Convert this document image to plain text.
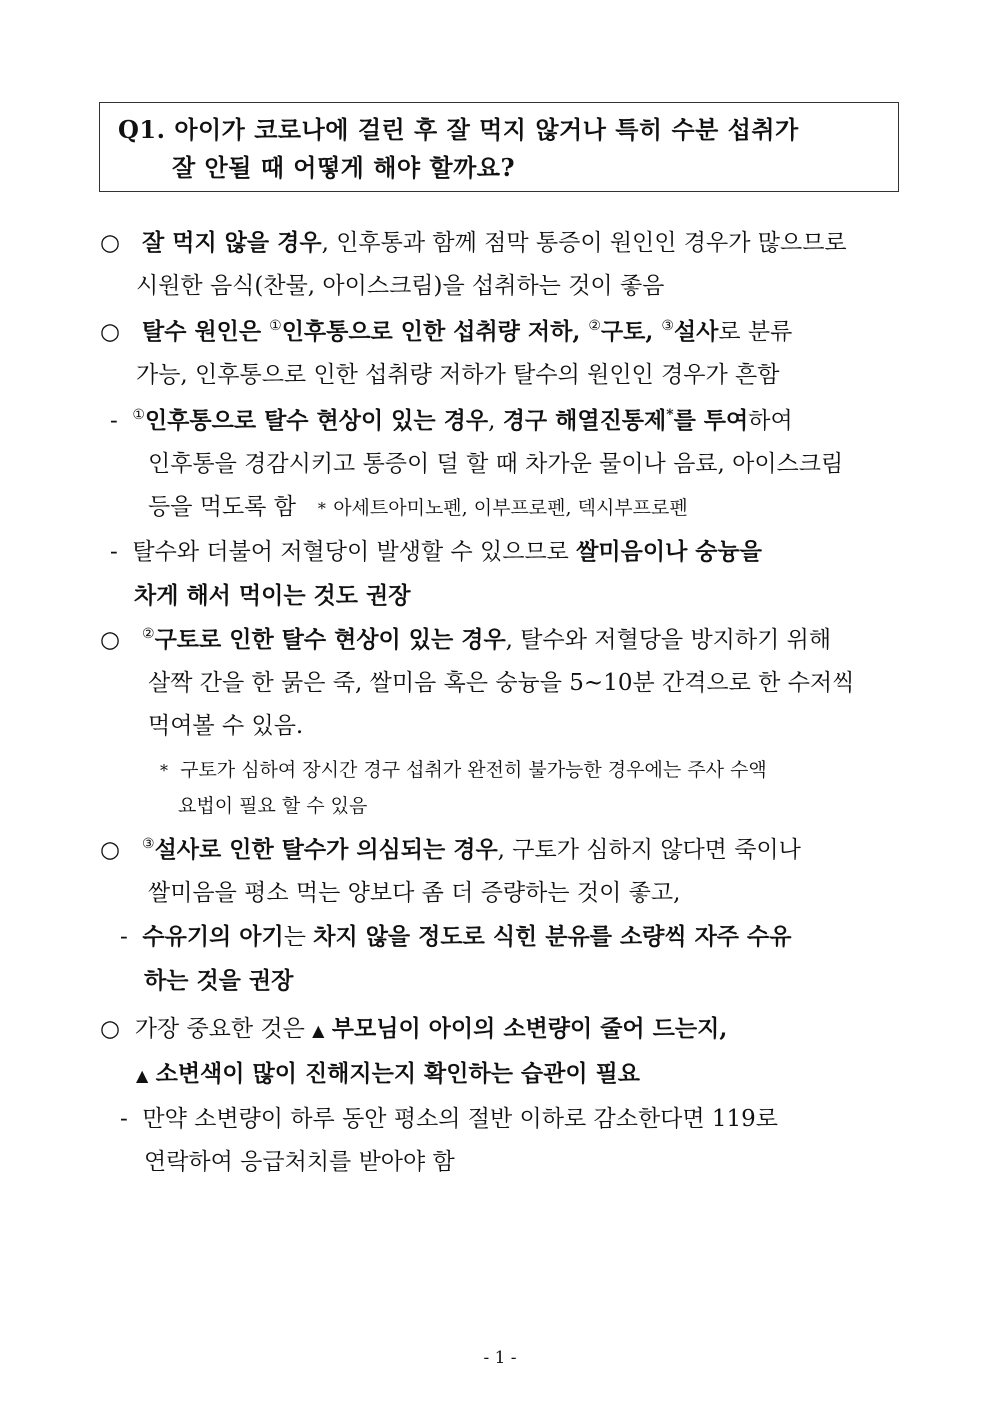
Q1. 아이가 코로나에 걸린 후 잘 먹지 않거나 특히 수분 섭취가
잘 안될 때 어떻게 해야 할까요?
○ 잘 먹지 않을 경우, 인후통과 함께 점막 통증이 원인인 경우가 많으므로
시원한 음식(찬물, 아이스크림)을 섭취하는 것이 좋음
○ 탈수 원인은 ①인후통으로 인한 섭취량 저하, ②구토, ③설사로 분류
가능, 인후통으로 인한 섭취량 저하가 탈수의 원인인 경우가 흔함
- ①인후통으로 탈수 현상이 있는 경우, 경구 해열진통제*를 투여하여
인후통을 경감시키고 통증이 덜 할 때 차가운 물이나 음료, 아이스크림
등을 먹도록 함 * 아세트아미노펜, 이부프로펜, 덱시부프로펜
- 탈수와 더불어 저혈당이 발생할 수 있으므로 쌀미음이나 숭늉을
차게 해서 먹이는 것도 권장
○ ②구토로 인한 탈수 현상이 있는 경우, 탈수와 저혈당을 방지하기 위해
살짝 간을 한 묽은 죽, 쌀미음 혹은 숭늉을 5~10분 간격으로 한 수저씩
먹여볼 수 있음.
* 구토가 심하여 장시간 경구 섭취가 완전히 불가능한 경우에는 주사 수액
요법이 필요 할 수 있음
○ ③설사로 인한 탈수가 의심되는 경우, 구토가 심하지 않다면 죽이나
쌀미음을 평소 먹는 양보다 좀 더 증량하는 것이 좋고,
- 수유기의 아기는 차지 않을 정도로 식힌 분유를 소량씩 자주 수유
하는 것을 권장
○ 가장 중요한 것은 ▲ 부모님이 아이의 소변량이 줄어 드는지,
▲ 소변색이 많이 진해지는지 확인하는 습관이 필요
- 만약 소변량이 하루 동안 평소의 절반 이하로 감소한다면 119로
연락하여 응급처치를 받아야 함
- 1 -
